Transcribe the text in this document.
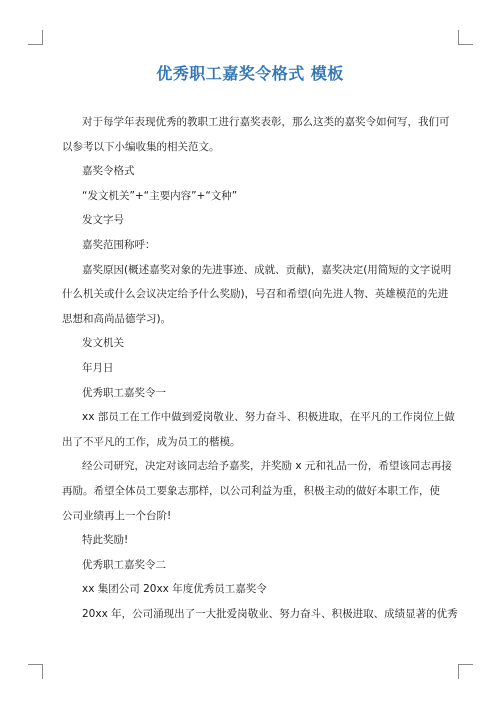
优秀职工嘉奖令格式 模板
对于每学年表现优秀的教职工进行嘉奖表彰，那么这类的嘉奖令如何写，我们可
以参考以下小编收集的相关范文。
嘉奖令格式
“发文机关”+“主要内容”+“文种”
发文字号
嘉奖范围称呼：
嘉奖原因(概述嘉奖对象的先进事迹、成就、贡献)，嘉奖决定(用简短的文字说明
什么机关或什么会议决定给予什么奖励)，号召和希望(向先进人物、英雄模范的先进
思想和高尚品德学习)。
发文机关
年月日
优秀职工嘉奖令一
xx 部员工在工作中做到爱岗敬业、努力奋斗、积极进取，在平凡的工作岗位上做
出了不平凡的工作，成为员工的楷模。
经公司研究，决定对该同志给予嘉奖，并奖励 x 元和礼品一份，希望该同志再接
再励。希望全体员工要象志那样，以公司利益为重，积极主动的做好本职工作，使
公司业绩再上一个台阶!
特此奖励!
优秀职工嘉奖令二
xx 集团公司 20xx 年度优秀员工嘉奖令
20xx 年，公司涌现出了一大批爱岗敬业、努力奋斗、积极进取、成绩显著的优秀
